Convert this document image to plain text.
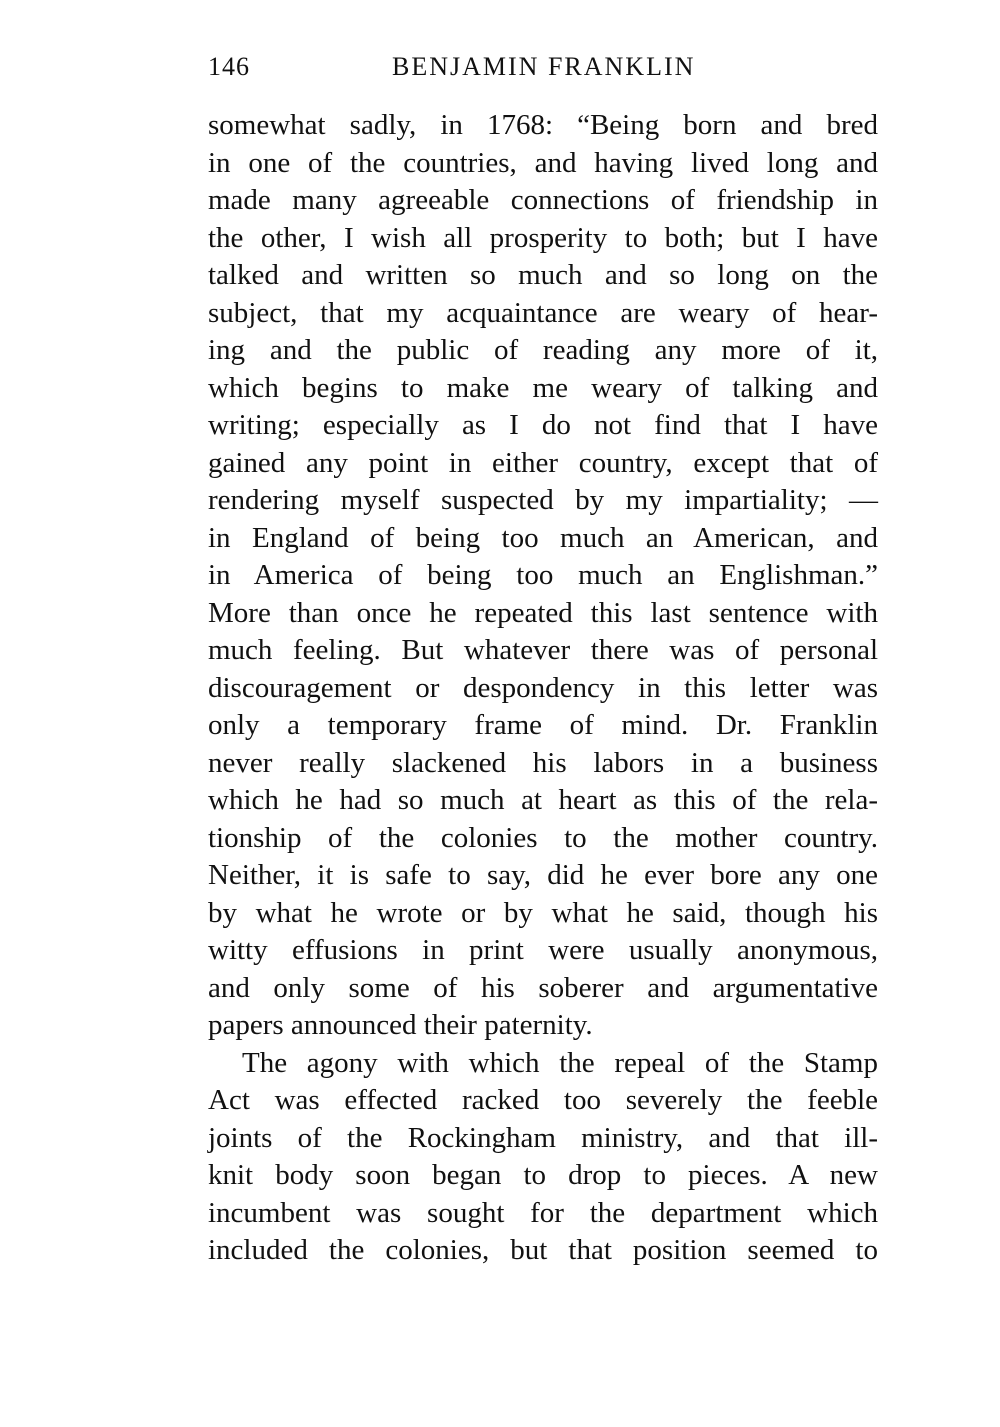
146	BENJAMIN FRANKLIN
somewhat sadly, in 1768: “Being born and bred
in one of the countries, and having lived long and
made many agreeable connections of friendship in
the other, I wish all prosperity to both; but I have
talked and written so much and so long on the
subject, that my acquaintance are weary of hear-
ing and the public of reading any more of it,
which begins to make me weary of talking and
writing; especially as I do not find that I have
gained any point in either country, except that of
rendering myself suspected by my impartiality; —
in England of being too much an American, and
in America of being too much an Englishman.”
More than once he repeated this last sentence with
much feeling. But whatever there was of personal
discouragement or despondency in this letter was
only a temporary frame of mind. Dr. Franklin
never really slackened his labors in a business
which he had so much at heart as this of the rela-
tionship of the colonies to the mother country.
Neither, it is safe to say, did he ever bore any one
by what he wrote or by what he said, though his
witty effusions in print were usually anonymous,
and only some of his soberer and argumentative
papers announced their paternity.
The agony with which the repeal of the Stamp
Act was effected racked too severely the feeble
joints of the Rockingham ministry, and that ill-
knit body soon began to drop to pieces. A new
incumbent was sought for the department which
included the colonies, but that position seemed to
